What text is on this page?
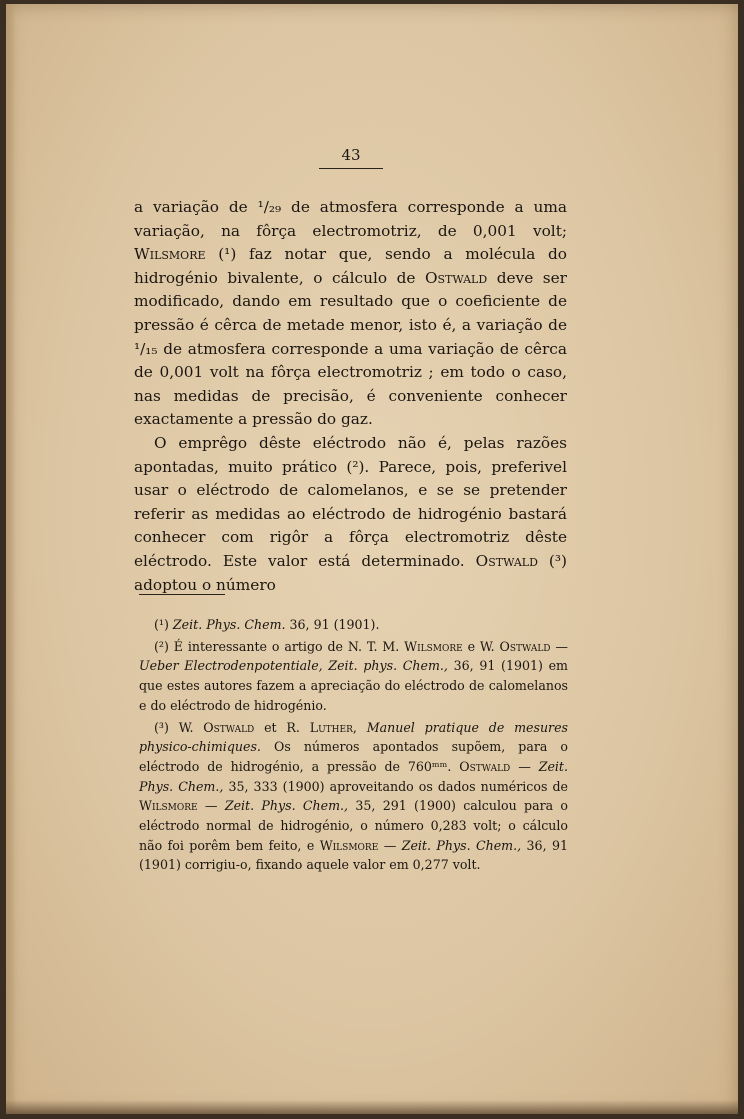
43

a variação de ¹/₂₉ de atmosfera corresponde a uma variação, na fôrça electromotriz, de 0,001 volt; Wilsmore (¹) faz notar que, sendo a molécula do hidrogénio bivalente, o cálculo de Ostwald deve ser modificado, dando em resultado que o coeficiente de pressão é cêrca de metade menor, isto é, a variação de ¹/₁₅ de atmosfera corresponde a uma variação de cêrca de 0,001 volt na fôrça electromotriz ; em todo o caso, nas medidas de precisão, é conveniente conhecer exactamente a pressão do gaz.

O emprêgo dêste eléctrodo não é, pelas razões apontadas, muito prático (²). Parece, pois, preferivel usar o eléctrodo de calomelanos, e se se pretender referir as medidas ao eléctrodo de hidrogénio bastará conhecer com rigôr a fôrça electromotriz dêste eléctrodo. Este valor está determinado. Ostwald (³) adoptou o número

(¹) Zeit. Phys. Chem. 36, 91 (1901).

(²) É interessante o artigo de N. T. M. Wilsmore e W. Ostwald — Ueber Electrodenpotentiale, Zeit. phys. Chem., 36, 91 (1901) em que estes autores fazem a apreciação do eléctrodo de calomelanos e do eléctrodo de hidrogénio.

(³) W. Ostwald et R. Luther, Manuel pratique de mesures physico-chimiques. Os números apontados supõem, para o eléctrodo de hidrogénio, a pressão de 760ᵐᵐ. Ostwald — Zeit. Phys. Chem., 35, 333 (1900) aproveitando os dados numéricos de Wilsmore — Zeit. Phys. Chem., 35, 291 (1900) calculou para o eléctrodo normal de hidrogénio, o número 0,283 volt; o cálculo não foi porêm bem feito, e Wilsmore — Zeit. Phys. Chem., 36, 91 (1901) corrigiu-o, fixando aquele valor em 0,277 volt.
